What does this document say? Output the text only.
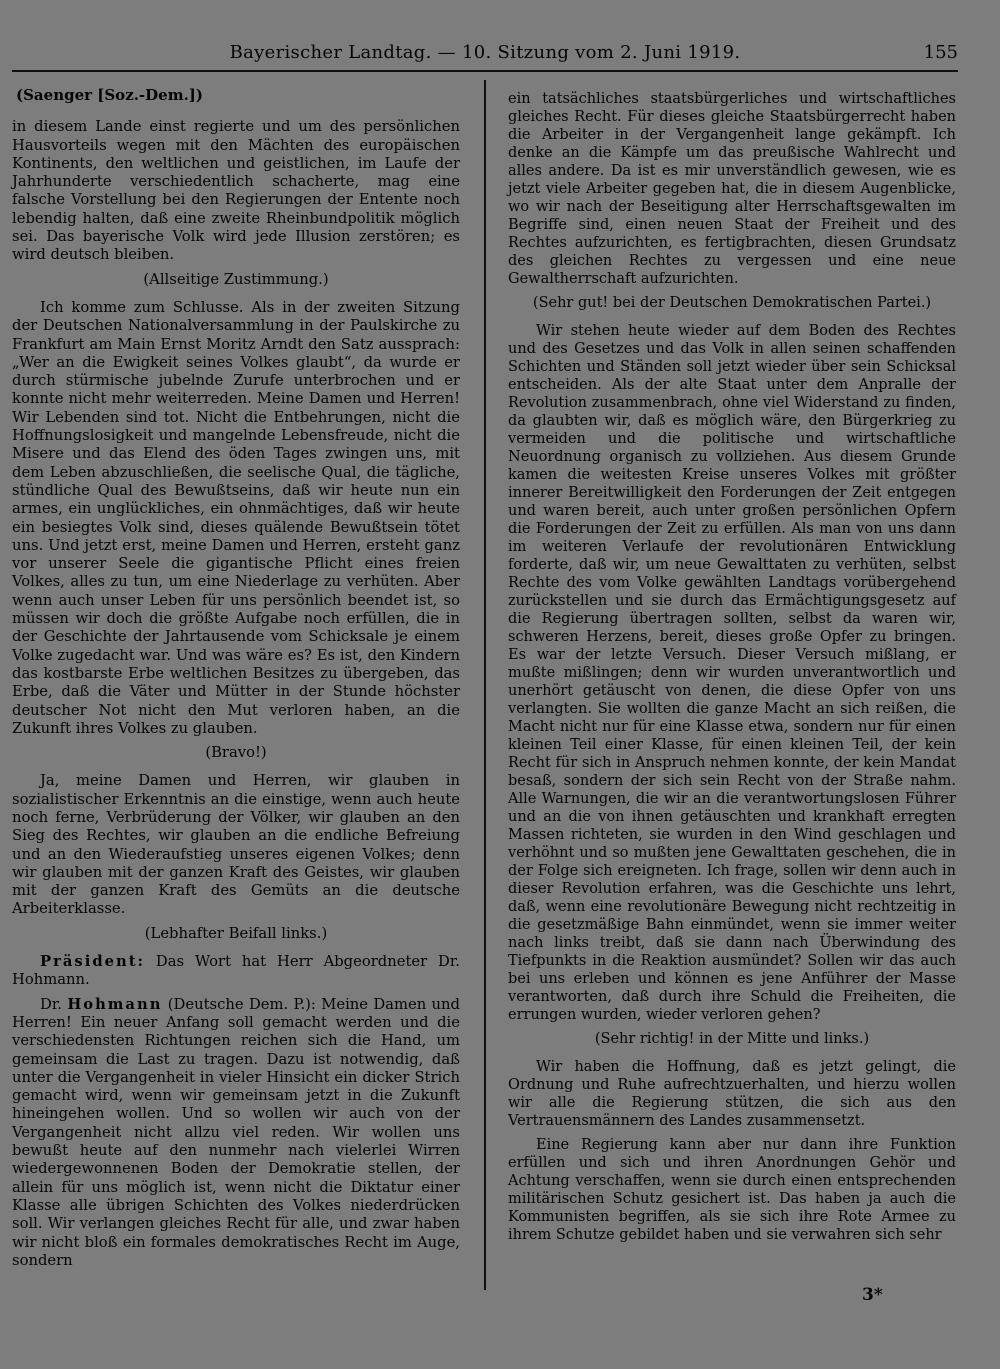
Bayerischer Landtag. — 10. Sitzung vom 2. Juni 1919.	155
(Saenger [Soz.-Dem.])

in diesem Lande einst regierte und um des persönlichen Hausvorteils wegen mit den Mächten des europäischen Kontinents, den weltlichen und geistlichen, im Laufe der Jahrhunderte verschiedentlich schacherte, mag eine falsche Vorstellung bei den Regierungen der Entente noch lebendig halten, daß eine zweite Rheinbundpolitik möglich sei. Das bayerische Volk wird jede Illusion zerstören; es wird deutsch bleiben.

(Allseitige Zustimmung.)

Ich komme zum Schlusse. Als in der zweiten Sitzung der Deutschen Nationalversammlung in der Paulskirche zu Frankfurt am Main Ernst Moritz Arndt den Satz aussprach: „Wer an die Ewigkeit seines Volkes glaubt“, da wurde er durch stürmische jubelnde Zurufe unterbrochen und er konnte nicht mehr weiterreden. Meine Damen und Herren! Wir Lebenden sind tot. Nicht die Entbehrungen, nicht die Hoffnungslosigkeit und mangelnde Lebensfreude, nicht die Misere und das Elend des öden Tages zwingen uns, mit dem Leben abzuschließen, die seelische Qual, die tägliche, stündliche Qual des Bewußtseins, daß wir heute nun ein armes, ein unglückliches, ein ohnmächtiges, daß wir heute ein besiegtes Volk sind, dieses quälende Bewußtsein tötet uns. Und jetzt erst, meine Damen und Herren, ersteht ganz vor unserer Seele die gigantische Pflicht eines freien Volkes, alles zu tun, um eine Niederlage zu verhüten. Aber wenn auch unser Leben für uns persönlich beendet ist, so müssen wir doch die größte Aufgabe noch erfüllen, die in der Geschichte der Jahrtausende vom Schicksale je einem Volke zugedacht war. Und was wäre es? Es ist, den Kindern das kostbarste Erbe weltlichen Besitzes zu übergeben, das Erbe, daß die Väter und Mütter in der Stunde höchster deutscher Not nicht den Mut verloren haben, an die Zukunft ihres Volkes zu glauben.

(Bravo!)

Ja, meine Damen und Herren, wir glauben in sozialistischer Erkenntnis an die einstige, wenn auch heute noch ferne, Verbrüderung der Völker, wir glauben an den Sieg des Rechtes, wir glauben an die endliche Befreiung und an den Wiederaufstieg unseres eigenen Volkes; denn wir glauben mit der ganzen Kraft des Geistes, wir glauben mit der ganzen Kraft des Gemüts an die deutsche Arbeiterklasse.

(Lebhafter Beifall links.)

Präsident: Das Wort hat Herr Abgeordneter Dr. Hohmann.

Dr. Hohmann (Deutsche Dem. P.): Meine Damen und Herren! Ein neuer Anfang soll gemacht werden und die verschiedensten Richtungen reichen sich die Hand, um gemeinsam die Last zu tragen. Dazu ist notwendig, daß unter die Vergangenheit in vieler Hinsicht ein dicker Strich gemacht wird, wenn wir gemeinsam jetzt in die Zukunft hineingehen wollen. Und so wollen wir auch von der Vergangenheit nicht allzu viel reden. Wir wollen uns bewußt heute auf den nunmehr nach vielerlei Wirren wiedergewonnenen Boden der Demokratie stellen, der allein für uns möglich ist, wenn nicht die Diktatur einer Klasse alle übrigen Schichten des Volkes niederdrücken soll. Wir verlangen gleiches Recht für alle, und zwar haben wir nicht bloß ein formales demokratisches Recht im Auge, sondern

ein tatsächliches staatsbürgerliches und wirtschaftliches gleiches Recht. Für dieses gleiche Staatsbürgerrecht haben die Arbeiter in der Vergangenheit lange gekämpft. Ich denke an die Kämpfe um das preußische Wahlrecht und alles andere. Da ist es mir unverständlich gewesen, wie es jetzt viele Arbeiter gegeben hat, die in diesem Augenblicke, wo wir nach der Beseitigung alter Herrschaftsgewalten im Begriffe sind, einen neuen Staat der Freiheit und des Rechtes aufzurichten, es fertigbrachten, diesen Grundsatz des gleichen Rechtes zu vergessen und eine neue Gewaltherrschaft aufzurichten.

(Sehr gut! bei der Deutschen Demokratischen Partei.)

Wir stehen heute wieder auf dem Boden des Rechtes und des Gesetzes und das Volk in allen seinen schaffenden Schichten und Ständen soll jetzt wieder über sein Schicksal entscheiden. Als der alte Staat unter dem Anpralle der Revolution zusammenbrach, ohne viel Widerstand zu finden, da glaubten wir, daß es möglich wäre, den Bürgerkrieg zu vermeiden und die politische und wirtschaftliche Neuordnung organisch zu vollziehen. Aus diesem Grunde kamen die weitesten Kreise unseres Volkes mit größter innerer Bereitwilligkeit den Forderungen der Zeit entgegen und waren bereit, auch unter großen persönlichen Opfern die Forderungen der Zeit zu erfüllen. Als man von uns dann im weiteren Verlaufe der revolutionären Entwicklung forderte, daß wir, um neue Gewalttaten zu verhüten, selbst Rechte des vom Volke gewählten Landtags vorübergehend zurückstellen und sie durch das Ermächtigungsgesetz auf die Regierung übertragen sollten, selbst da waren wir, schweren Herzens, bereit, dieses große Opfer zu bringen. Es war der letzte Versuch. Dieser Versuch mißlang, er mußte mißlingen; denn wir wurden unverantwortlich und unerhört getäuscht von denen, die diese Opfer von uns verlangten. Sie wollten die ganze Macht an sich reißen, die Macht nicht nur für eine Klasse etwa, sondern nur für einen kleinen Teil einer Klasse, für einen kleinen Teil, der kein Recht für sich in Anspruch nehmen konnte, der kein Mandat besaß, sondern der sich sein Recht von der Straße nahm. Alle Warnungen, die wir an die verantwortungslosen Führer und an die von ihnen getäuschten und krankhaft erregten Massen richteten, sie wurden in den Wind geschlagen und verhöhnt und so mußten jene Gewalttaten geschehen, die in der Folge sich ereigneten. Ich frage, sollen wir denn auch in dieser Revolution erfahren, was die Geschichte uns lehrt, daß, wenn eine revolutionäre Bewegung nicht rechtzeitig in die gesetzmäßige Bahn einmündet, wenn sie immer weiter nach links treibt, daß sie dann nach Überwindung des Tiefpunkts in die Reaktion ausmündet? Sollen wir das auch bei uns erleben und können es jene Anführer der Masse verantworten, daß durch ihre Schuld die Freiheiten, die errungen wurden, wieder verloren gehen?

(Sehr richtig! in der Mitte und links.)

Wir haben die Hoffnung, daß es jetzt gelingt, die Ordnung und Ruhe aufrechtzuerhalten, und hierzu wollen wir alle die Regierung stützen, die sich aus den Vertrauensmännern des Landes zusammensetzt.

Eine Regierung kann aber nur dann ihre Funktion erfüllen und sich und ihren Anordnungen Gehör und Achtung verschaffen, wenn sie durch einen entsprechenden militärischen Schutz gesichert ist. Das haben ja auch die Kommunisten begriffen, als sie sich ihre Rote Armee zu ihrem Schutze gebildet haben und sie verwahren sich sehr

3*
